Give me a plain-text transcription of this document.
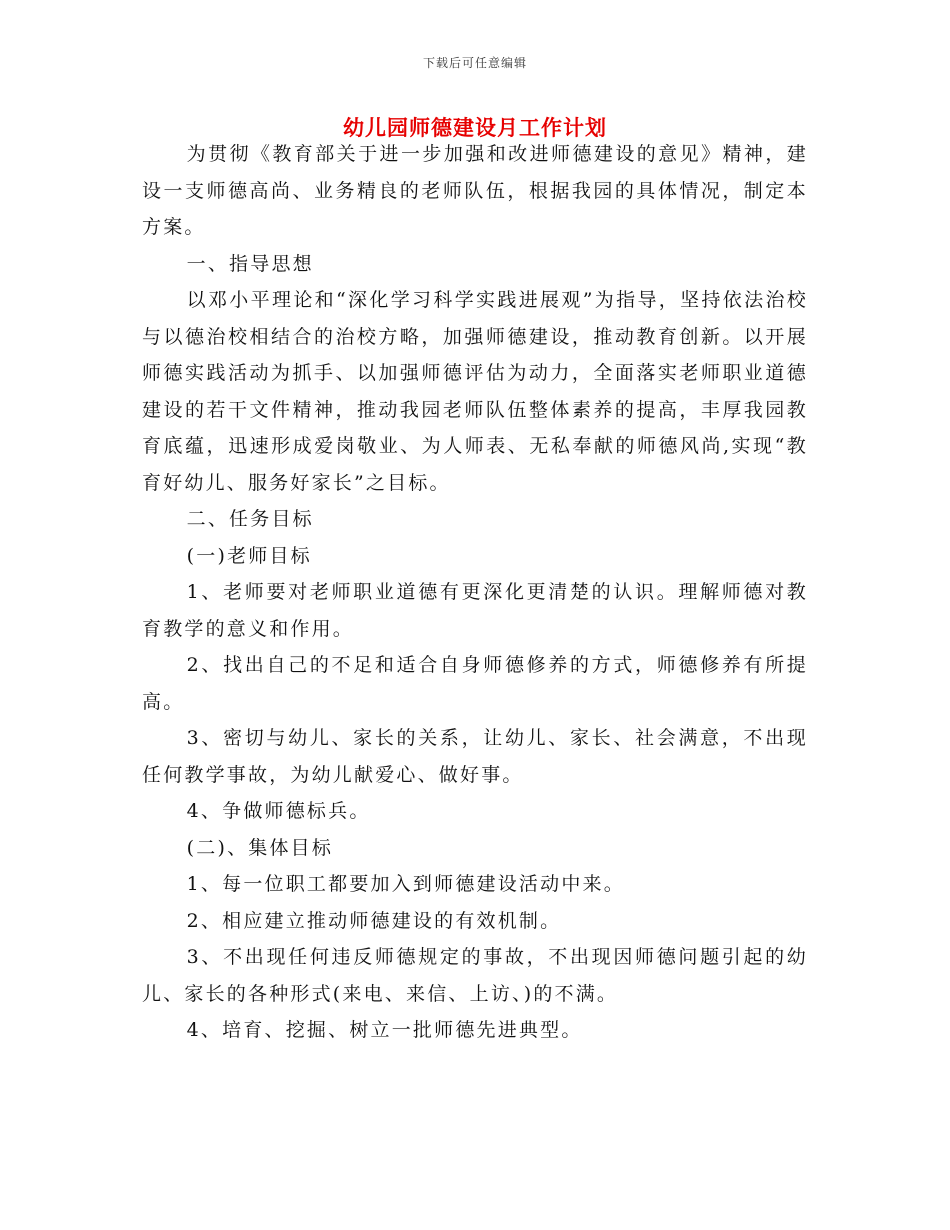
下载后可任意编辑
幼儿园师德建设月工作计划

为贯彻《教育部关于进一步加强和改进师德建设的意见》精神，建设一支师德高尚、业务精良的老师队伍，根据我园的具体情况，制定本方案。

一、指导思想

以邓小平理论和“深化学习科学实践进展观”为指导，坚持依法治校与以德治校相结合的治校方略，加强师德建设，推动教育创新。以开展师德实践活动为抓手、以加强师德评估为动力，全面落实老师职业道德建设的若干文件精神，推动我园老师队伍整体素养的提高，丰厚我园教育底蕴，迅速形成爱岗敬业、为人师表、无私奉献的师德风尚,实现“教育好幼儿、服务好家长”之目标。

二、任务目标

(一)老师目标

1、老师要对老师职业道德有更深化更清楚的认识。理解师德对教育教学的意义和作用。

2、找出自己的不足和适合自身师德修养的方式，师德修养有所提高。

3、密切与幼儿、家长的关系，让幼儿、家长、社会满意，不出现任何教学事故，为幼儿献爱心、做好事。

4、争做师德标兵。

(二)、集体目标

1、每一位职工都要加入到师德建设活动中来。

2、相应建立推动师德建设的有效机制。

3、不出现任何违反师德规定的事故，不出现因师德问题引起的幼儿、家长的各种形式(来电、来信、上访、)的不满。

4、培育、挖掘、树立一批师德先进典型。
